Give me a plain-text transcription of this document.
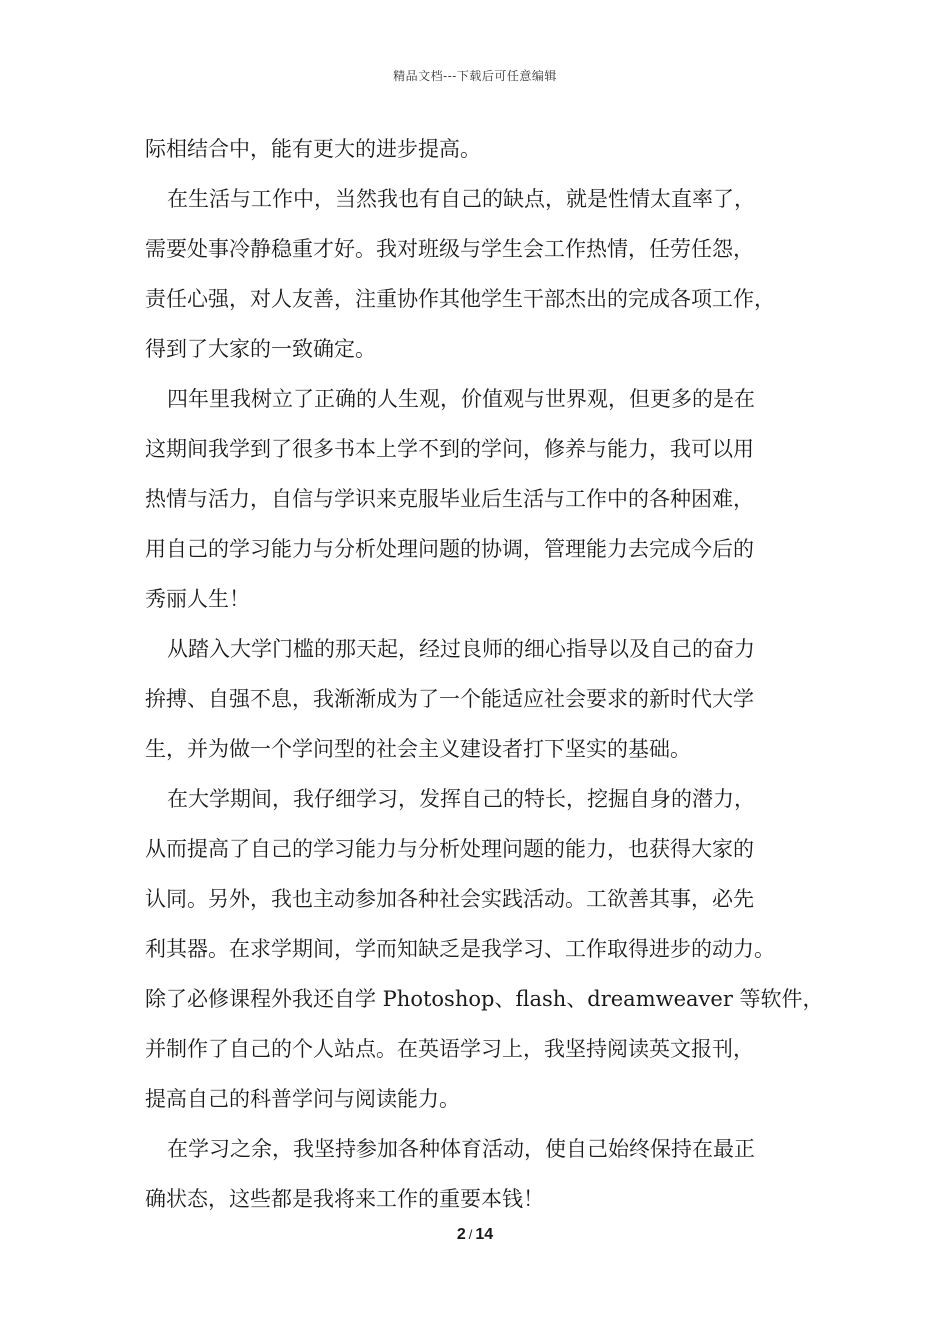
精品文档---下载后可任意编辑
际相结合中，能有更大的进步提高。
在生活与工作中，当然我也有自己的缺点，就是性情太直率了，
需要处事冷静稳重才好。我对班级与学生会工作热情，任劳任怨，
责任心强，对人友善，注重协作其他学生干部杰出的完成各项工作，
得到了大家的一致确定。
四年里我树立了正确的人生观，价值观与世界观，但更多的是在
这期间我学到了很多书本上学不到的学问，修养与能力，我可以用
热情与活力，自信与学识来克服毕业后生活与工作中的各种困难，
用自己的学习能力与分析处理问题的协调，管理能力去完成今后的
秀丽人生！
从踏入大学门槛的那天起，经过良师的细心指导以及自己的奋力
拚搏、自强不息，我渐渐成为了一个能适应社会要求的新时代大学
生，并为做一个学问型的社会主义建设者打下坚实的基础。
在大学期间，我仔细学习，发挥自己的特长，挖掘自身的潜力，
从而提高了自己的学习能力与分析处理问题的能力，也获得大家的
认同。另外，我也主动参加各种社会实践活动。工欲善其事，必先
利其器。在求学期间，学而知缺乏是我学习、工作取得进步的动力。
除了必修课程外我还自学 Photoshop、flash、dreamweaver 等软件，
并制作了自己的个人站点。在英语学习上，我坚持阅读英文报刊，
提高自己的科普学问与阅读能力。
在学习之余，我坚持参加各种体育活动，使自己始终保持在最正
确状态，这些都是我将来工作的重要本钱！
2 / 14
